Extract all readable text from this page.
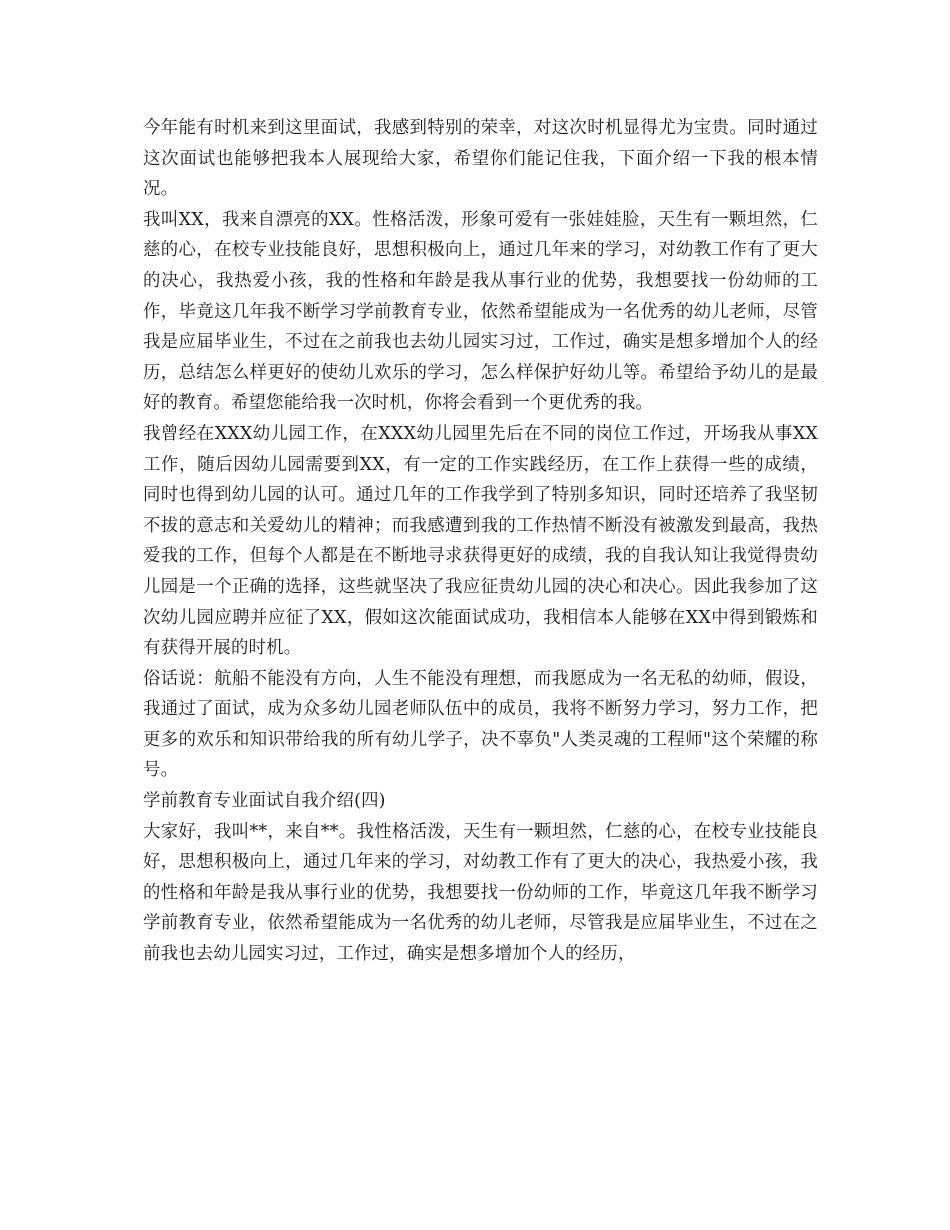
今年能有时机来到这里面试，我感到特别的荣幸，对这次时机显得尤为宝贵。同时通过这次面试也能够把我本人展现给大家，希望你们能记住我，下面介绍一下我的根本情况。

我叫XX，我来自漂亮的XX。性格活泼，形象可爱有一张娃娃脸，天生有一颗坦然，仁慈的心，在校专业技能良好，思想积极向上，通过几年来的学习，对幼教工作有了更大的决心，我热爱小孩，我的性格和年龄是我从事行业的优势，我想要找一份幼师的工作，毕竟这几年我不断学习学前教育专业，依然希望能成为一名优秀的幼儿老师，尽管我是应届毕业生，不过在之前我也去幼儿园实习过，工作过，确实是想多增加个人的经历，总结怎么样更好的使幼儿欢乐的学习，怎么样保护好幼儿等。希望给予幼儿的是最好的教育。希望您能给我一次时机，你将会看到一个更优秀的我。

我曾经在XXX幼儿园工作，在XXX幼儿园里先后在不同的岗位工作过，开场我从事XX工作，随后因幼儿园需要到XX，有一定的工作实践经历，在工作上获得一些的成绩，同时也得到幼儿园的认可。通过几年的工作我学到了特别多知识，同时还培养了我坚韧不拔的意志和关爱幼儿的精神；而我感遭到我的工作热情不断没有被激发到最高，我热爱我的工作，但每个人都是在不断地寻求获得更好的成绩，我的自我认知让我觉得贵幼儿园是一个正确的选择，这些就坚决了我应征贵幼儿园的决心和决心。因此我参加了这次幼儿园应聘并应征了XX，假如这次能面试成功，我相信本人能够在XX中得到锻炼和有获得开展的时机。

俗话说：航船不能没有方向，人生不能没有理想，而我愿成为一名无私的幼师，假设，我通过了面试，成为众多幼儿园老师队伍中的成员，我将不断努力学习，努力工作，把更多的欢乐和知识带给我的所有幼儿学子，决不辜负"人类灵魂的工程师"这个荣耀的称号。

学前教育专业面试自我介绍(四)

大家好，我叫**，来自**。我性格活泼，天生有一颗坦然，仁慈的心，在校专业技能良好，思想积极向上，通过几年来的学习，对幼教工作有了更大的决心，我热爱小孩，我的性格和年龄是我从事行业的优势，我想要找一份幼师的工作，毕竟这几年我不断学习学前教育专业，依然希望能成为一名优秀的幼儿老师，尽管我是应届毕业生，不过在之前我也去幼儿园实习过，工作过，确实是想多增加个人的经历，
